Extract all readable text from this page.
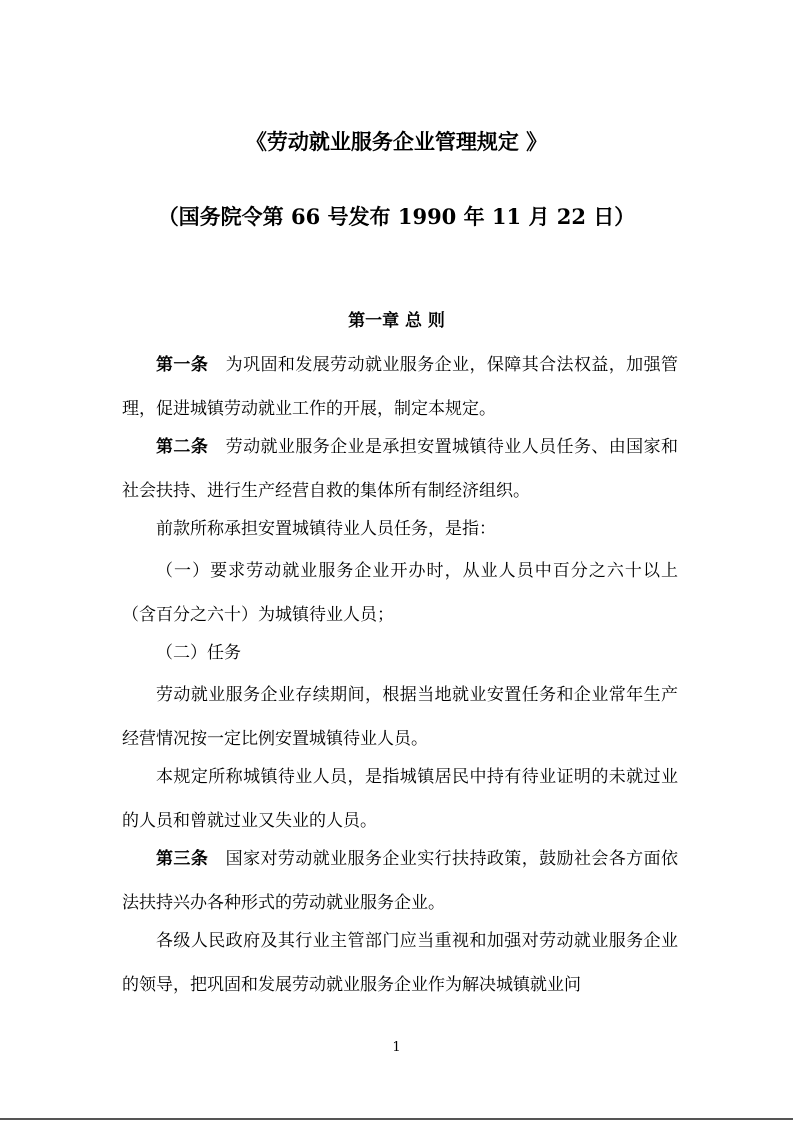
《劳动就业服务企业管理规定 》
（国务院令第 66 号发布 1990 年 11 月 22 日）
第一章 总 则

第一条　为巩固和发展劳动就业服务企业，保障其合法权益，加强管理，促进城镇劳动就业工作的开展，制定本规定。

第二条　劳动就业服务企业是承担安置城镇待业人员任务、由国家和社会扶持、进行生产经营自救的集体所有制经济组织。

前款所称承担安置城镇待业人员任务，是指：

（一）要求劳动就业服务企业开办时，从业人员中百分之六十以上（含百分之六十）为城镇待业人员；

（二）任务

劳动就业服务企业存续期间，根据当地就业安置任务和企业常年生产经营情况按一定比例安置城镇待业人员。

本规定所称城镇待业人员，是指城镇居民中持有待业证明的未就过业的人员和曾就过业又失业的人员。

第三条　国家对劳动就业服务企业实行扶持政策，鼓励社会各方面依法扶持兴办各种形式的劳动就业服务企业。

各级人民政府及其行业主管部门应当重视和加强对劳动就业服务企业的领导，把巩固和发展劳动就业服务企业作为解决城镇就业问

1
